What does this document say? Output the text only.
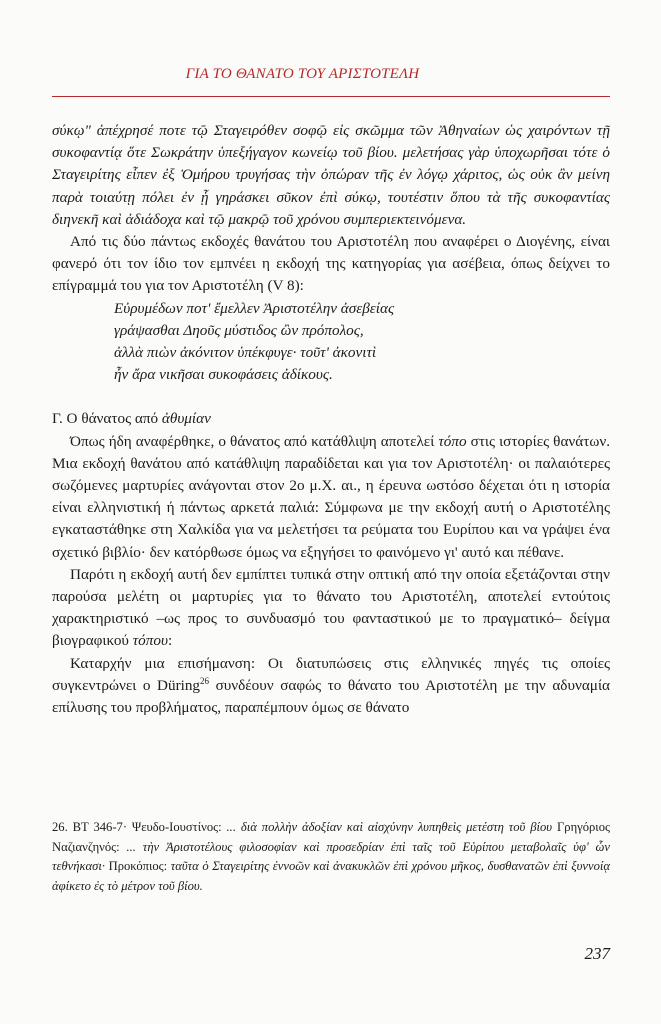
ΓΙΑ ΤΟ ΘΑΝΑΤΟ ΤΟΥ ΑΡΙΣΤΟΤΕΛΗ

σύκῳ" ἀπέχρησέ ποτε τῷ Σταγειρόθεν σοφῷ εἰς σκῶμμα τῶν Ἀθηναίων ὡς χαιρόντων τῇ συκοφαντίᾳ ὅτε Σωκράτην ὑπεξήγαγον κωνείῳ τοῦ βίου. μελετήσας γὰρ ὑποχωρῆσαι τότε ὁ Σταγειρίτης εἶπεν ἐξ Ὁμήρου τρυγήσας τὴν ὀπώραν τῆς ἐν λόγῳ χάριτος, ὡς οὐκ ἂν μείνη παρὰ τοιαύτῃ πόλει ἐν ᾗ γηράσκει σῦκον ἐπὶ σύκῳ, τουτέστιν ὅπου τὰ τῆς συκοφαντίας διηνεκῆ καὶ ἀδιάδοχα καὶ τῷ μακρῷ τοῦ χρόνου συμπεριεκτεινόμενα.

Από τις δύο πάντως εκδοχές θανάτου του Αριστοτέλη που αναφέρει ο Διογένης, είναι φανερό ότι τον ίδιο τον εμπνέει η εκδοχή της κατηγορίας για ασέβεια, όπως δείχνει το επίγραμμά του για τον Αριστοτέλη (V 8):

Εὐρυμέδων ποτ' ἔμελλεν Ἀριστοτέλην ἀσεβείας

γράψασθαι Δηοῦς μύστιδος ὢν πρόπολος,

ἀλλὰ πιὼν ἀκόνιτον ὑπέκφυγε· τοῦτ' ἀκονιτὶ

ἦν ἄρα νικῆσαι συκοφάσεις ἀδίκους.

Γ. Ο θάνατος από ἀθυμίαν

Όπως ήδη αναφέρθηκε, ο θάνατος από κατάθλιψη αποτελεί τόπο στις ιστορίες θανάτων. Μια εκδοχή θανάτου από κατάθλιψη παραδίδεται και για τον Αριστοτέλη· οι παλαιότερες σωζόμενες μαρτυρίες ανάγονται στον 2ο μ.Χ. αι., η έρευνα ωστόσο δέχεται ότι η ιστορία είναι ελληνιστική ή πάντως αρκετά παλιά: Σύμφωνα με την εκδοχή αυτή ο Αριστοτέλης εγκαταστάθηκε στη Χαλκίδα για να μελετήσει τα ρεύματα του Ευρίπου και να γράψει ένα σχετικό βιβλίο· δεν κατόρθωσε όμως να εξηγήσει το φαινόμενο γι' αυτό και πέθανε.

Παρότι η εκδοχή αυτή δεν εμπίπτει τυπικά στην οπτική από την οποία εξετάζονται στην παρούσα μελέτη οι μαρτυρίες για το θάνατο του Αριστοτέλη, αποτελεί εντούτοις χαρακτηριστικό –ως προς το συνδυασμό του φανταστικού με το πραγματικό– δείγμα βιογραφικού τόπου:

Καταρχήν μια επισήμανση: Οι διατυπώσεις στις ελληνικές πηγές τις οποίες συγκεντρώνει ο Düring$^{26}$ συνδέουν σαφώς το θάνατο του Αριστοτέλη με την αδυναμία επίλυσης του προβλήματος, παραπέμπουν όμως σε θάνατο

26. ΒΤ 346-7· Ψευδο-Ιουστίνος: ... διὰ πολλὴν ἀδοξίαν καὶ αἰσχύνην λυπηθεὶς μετέστη τοῦ βίου Γρηγόριος Ναζιανζηνός: ... τὴν Ἀριστοτέλους φιλοσοφίαν καὶ προσεδρίαν ἐπὶ ταῖς τοῦ Εὐρίπου μεταβολαῖς ὑφ' ὧν τεθνήκασι· Προκόπιος: ταῦτα ὁ Σταγειρίτης ἐννοῶν καὶ ἀνακυκλῶν ἐπὶ χρόνου μῆκος, δυσθανατῶν ἐπὶ ξυννοίᾳ ἀφίκετο ἐς τὸ μέτρον τοῦ βίου.

237
